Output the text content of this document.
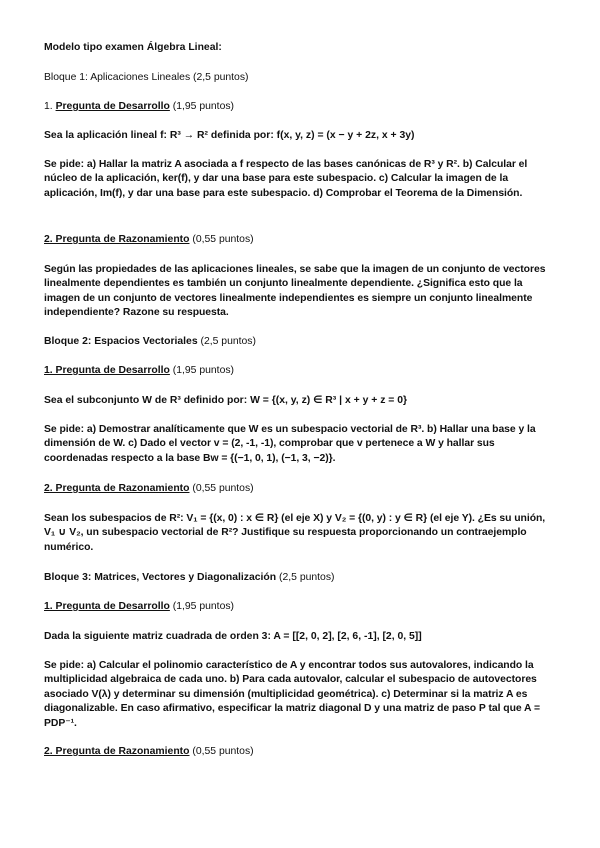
Modelo tipo examen Álgebra Lineal:
Bloque 1: Aplicaciones Lineales (2,5 puntos)
1. Pregunta de Desarrollo (1,95 puntos)
Sea la aplicación lineal f: R³ → R² definida por: f(x, y, z) = (x − y + 2z, x + 3y)
Se pide: a) Hallar la matriz A asociada a f respecto de las bases canónicas de R³ y R². b) Calcular el núcleo de la aplicación, ker(f), y dar una base para este subespacio. c) Calcular la imagen de la aplicación, Im(f), y dar una base para este subespacio. d) Comprobar el Teorema de la Dimensión.
2. Pregunta de Razonamiento (0,55 puntos)
Según las propiedades de las aplicaciones lineales, se sabe que la imagen de un conjunto de vectores linealmente dependientes es también un conjunto linealmente dependiente. ¿Significa esto que la imagen de un conjunto de vectores linealmente independientes es siempre un conjunto linealmente independiente? Razone su respuesta.
Bloque 2: Espacios Vectoriales (2,5 puntos)
1. Pregunta de Desarrollo (1,95 puntos)
Sea el subconjunto W de R³ definido por: W = {(x, y, z) ∈ R³ | x + y + z = 0}
Se pide: a) Demostrar analíticamente que W es un subespacio vectorial de R³. b) Hallar una base y la dimensión de W. c) Dado el vector v = (2, -1, -1), comprobar que v pertenece a W y hallar sus coordenadas respecto a la base Bw = {(−1, 0, 1), (−1, 3, −2)}.
2. Pregunta de Razonamiento (0,55 puntos)
Sean los subespacios de R²: V₁ = {(x, 0) : x ∈ R} (el eje X) y V₂ = {(0, y) : y ∈ R} (el eje Y). ¿Es su unión, V₁ ∪ V₂, un subespacio vectorial de R²? Justifique su respuesta proporcionando un contraejemplo numérico.
Bloque 3: Matrices, Vectores y Diagonalización (2,5 puntos)
1. Pregunta de Desarrollo (1,95 puntos)
Dada la siguiente matriz cuadrada de orden 3: A = [[2, 0, 2], [2, 6, -1], [2, 0, 5]]
Se pide: a) Calcular el polinomio característico de A y encontrar todos sus autovalores, indicando la multiplicidad algebraica de cada uno. b) Para cada autovalor, calcular el subespacio de autovectores asociado V(λ) y determinar su dimensión (multiplicidad geométrica). c) Determinar si la matriz A es diagonalizable. En caso afirmativo, especificar la matriz diagonal D y una matriz de paso P tal que A = PDP⁻¹.
2. Pregunta de Razonamiento (0,55 puntos)
